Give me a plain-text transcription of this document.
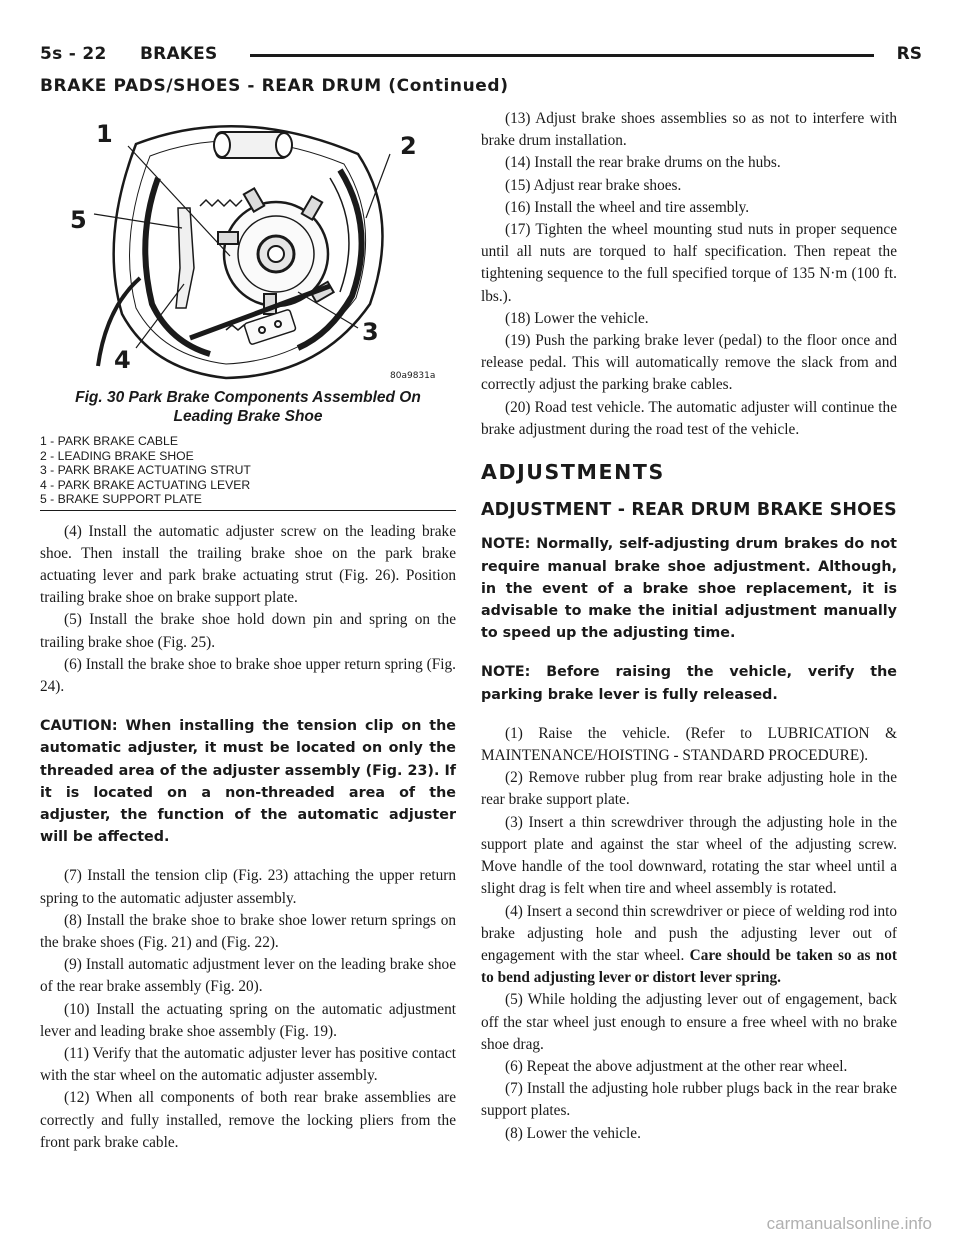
5s - 22 BRAKES	RS
BRAKE PADS/SHOES - REAR DRUM (Continued)
1	2
3
4
5
80a9831a
Fig. 30 Park Brake Components Assembled On
Leading Brake Shoe
1 - PARK BRAKE CABLE
2 - LEADING BRAKE SHOE
3 - PARK BRAKE ACTUATING STRUT
4 - PARK BRAKE ACTUATING LEVER
5 - BRAKE SUPPORT PLATE

(4) Install the automatic adjuster screw on the leading brake shoe. Then install the trailing brake shoe on the park brake actuating lever and park brake actuating strut (Fig. 26). Position trailing brake shoe on brake support plate.

(5) Install the brake shoe hold down pin and spring on the trailing brake shoe (Fig. 25).

(6) Install the brake shoe to brake shoe upper return spring (Fig. 24).

CAUTION: When installing the tension clip on the automatic adjuster, it must be located on only the threaded area of the adjuster assembly (Fig. 23). If it is located on a non-threaded area of the adjuster, the function of the automatic adjuster will be affected.

(7) Install the tension clip (Fig. 23) attaching the upper return spring to the automatic adjuster assembly.

(8) Install the brake shoe to brake shoe lower return springs on the brake shoes (Fig. 21) and (Fig. 22).

(9) Install automatic adjustment lever on the leading brake shoe of the rear brake assembly (Fig. 20).

(10) Install the actuating spring on the automatic adjustment lever and leading brake shoe assembly (Fig. 19).

(11) Verify that the automatic adjuster lever has positive contact with the star wheel on the automatic adjuster assembly.

(12) When all components of both rear brake assemblies are correctly and fully installed, remove the locking pliers from the front park brake cable.

(13) Adjust brake shoes assemblies so as not to interfere with brake drum installation.

(14) Install the rear brake drums on the hubs.

(15) Adjust rear brake shoes.

(16) Install the wheel and tire assembly.

(17) Tighten the wheel mounting stud nuts in proper sequence until all nuts are torqued to half specification. Then repeat the tightening sequence to the full specified torque of 135 N·m (100 ft. lbs.).

(18) Lower the vehicle.

(19) Push the parking brake lever (pedal) to the floor once and release pedal. This will automatically remove the slack from and correctly adjust the parking brake cables.

(20) Road test vehicle. The automatic adjuster will continue the brake adjustment during the road test of the vehicle.

ADJUSTMENTS
ADJUSTMENT - REAR DRUM BRAKE SHOES

NOTE: Normally, self-adjusting drum brakes do not require manual brake shoe adjustment. Although, in the event of a brake shoe replacement, it is advisable to make the initial adjustment manually to speed up the adjusting time.

NOTE: Before raising the vehicle, verify the parking brake lever is fully released.

(1) Raise the vehicle. (Refer to LUBRICATION & MAINTENANCE/HOISTING - STANDARD PROCEDURE).

(2) Remove rubber plug from rear brake adjusting hole in the rear brake support plate.

(3) Insert a thin screwdriver through the adjusting hole in the support plate and against the star wheel of the adjusting screw. Move handle of the tool downward, rotating the star wheel until a slight drag is felt when tire and wheel assembly is rotated.

(4) Insert a second thin screwdriver or piece of welding rod into brake adjusting hole and push the adjusting lever out of engagement with the star wheel. Care should be taken so as not to bend adjusting lever or distort lever spring.

(5) While holding the adjusting lever out of engagement, back off the star wheel just enough to ensure a free wheel with no brake shoe drag.

(6) Repeat the above adjustment at the other rear wheel.

(7) Install the adjusting hole rubber plugs back in the rear brake support plates.

(8) Lower the vehicle.

carmanualsonline.info
